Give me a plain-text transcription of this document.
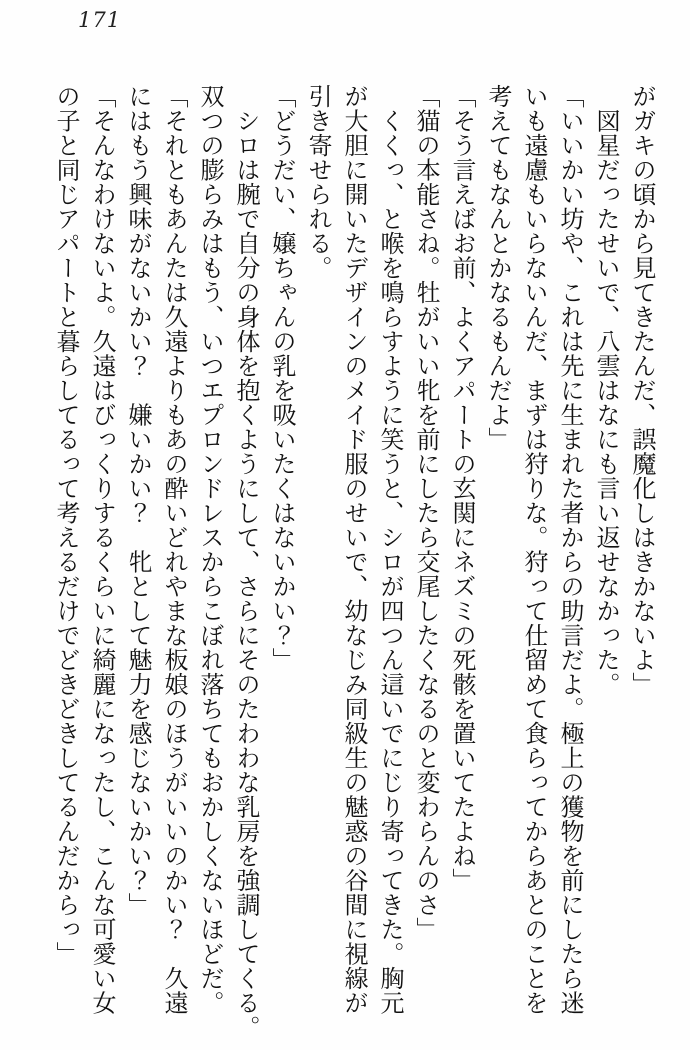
171
がガキの頃から見てきたんだ、誤魔化しはきかないよ」
　図星だったせいで、八雲はなにも言い返せなかった。
「いいかい坊や、これは先に生まれた者からの助言だよ。極上の獲物を前にしたら迷
いも遠慮もいらないんだ、まずは狩りな。狩って仕留めて食らってからあとのことを
考えてもなんとかなるもんだよ」
「そう言えばお前、よくアパートの玄関にネズミの死骸を置いてたよね」
「猫の本能さね。牡がいい牝を前にしたら交尾したくなるのと変わらんのさ」
　くくっ、と喉を鳴らすように笑うと、シロが四つん這いでにじり寄ってきた。胸元
が大胆に開いたデザインのメイド服のせいで、幼なじみ同級生の魅惑の谷間に視線が
引き寄せられる。
「どうだい、嬢ちゃんの乳を吸いたくはないかい？」
　シロは腕で自分の身体を抱くようにして、さらにそのたわわな乳房を強調してくる。
双つの膨らみはもう、いつエプロンドレスからこぼれ落ちてもおかしくないほどだ。
「それともあんたは久遠よりもあの酔いどれやまな板娘のほうがいいのかい？　久遠
にはもう興味がないかい？　嫌いかい？　牝として魅力を感じないかい？」
「そんなわけないよ。久遠はびっくりするくらいに綺麗になったし、こんな可愛い女
の子と同じアパートと暮らしてるって考えるだけでどきどきしてるんだからっ」
